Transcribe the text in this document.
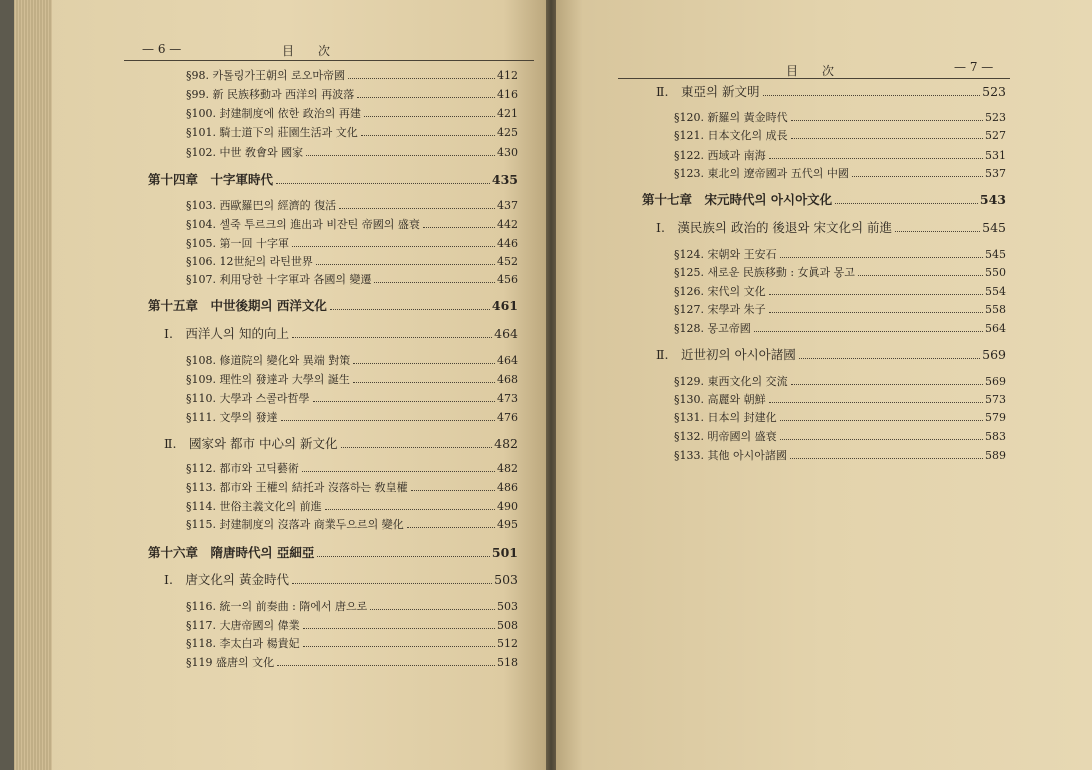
— 6 —	目　　次
§98. 카톨링가王朝의 로오마帝國	412
§99. 新 民族移動과 西洋의 再波落	416
§100. 封建制度에 依한 政治의 再建	421
§101. 騎士道下의 莊園生活과 文化	425
§102. 中世 敎會와 國家	430
第十四章　十字軍時代	435
§103. 西歐羅巴의 經濟的 復活	437
§104. 셀죽 투르크의 進出과 비잔틴 帝國의 盛衰	442
§105. 第一回 十字軍	446
§106. 12世紀의 라틴世界	452
§107. 利用당한 十字軍과 各國의 變遷	456
第十五章　中世後期의 西洋文化	461
Ⅰ.　西洋人의 知的向上	464
§108. 修道院의 變化와 異端 對策	464
§109. 理性의 發達과 大學의 誕生	468
§110. 大學과 스콜라哲學	473
§111. 文學의 發達	476
Ⅱ.　國家와 都市 中心의 新文化	482
§112. 都市와 고딕藝術	482
§113. 都市와 王權의 結托과 沒落하는 敎皇權	486
§114. 世俗主義文化의 前進	490
§115. 封建制度의 沒落과 商業두으르의 變化	495
第十六章　隋唐時代의 亞細亞	501
Ⅰ.　唐文化의 黃金時代	503
§116. 統一의 前奏曲 : 隋에서 唐으로	503
§117. 大唐帝國의 偉業	508
§118. 李太白과 楊貴妃	512
§119 盛唐의 文化	518
目　　次	— 7 —
Ⅱ.　東亞의 新文明	523
§120. 新羅의 黃金時代	523
§121. 日本文化의 成長	527
§122. 西域과 南海	531
§123. 東北의 遼帝國과 五代의 中國	537
第十七章　宋元時代의 아시아文化	543
Ⅰ.　漢民族의 政治的 後退와 宋文化의 前進	545
§124. 宋朝와 王安石	545
§125. 새로운 民族移動 : 女眞과 몽고	550
§126. 宋代의 文化	554
§127. 宋學과 朱子	558
§128. 몽고帝國	564
Ⅱ.　近世初의 아시아諸國	569
§129. 東西文化의 交流	569
§130. 高麗와 朝鮮	573
§131. 日本의 封建化	579
§132. 明帝國의 盛衰	583
§133. 其他 아시아諸國	589
